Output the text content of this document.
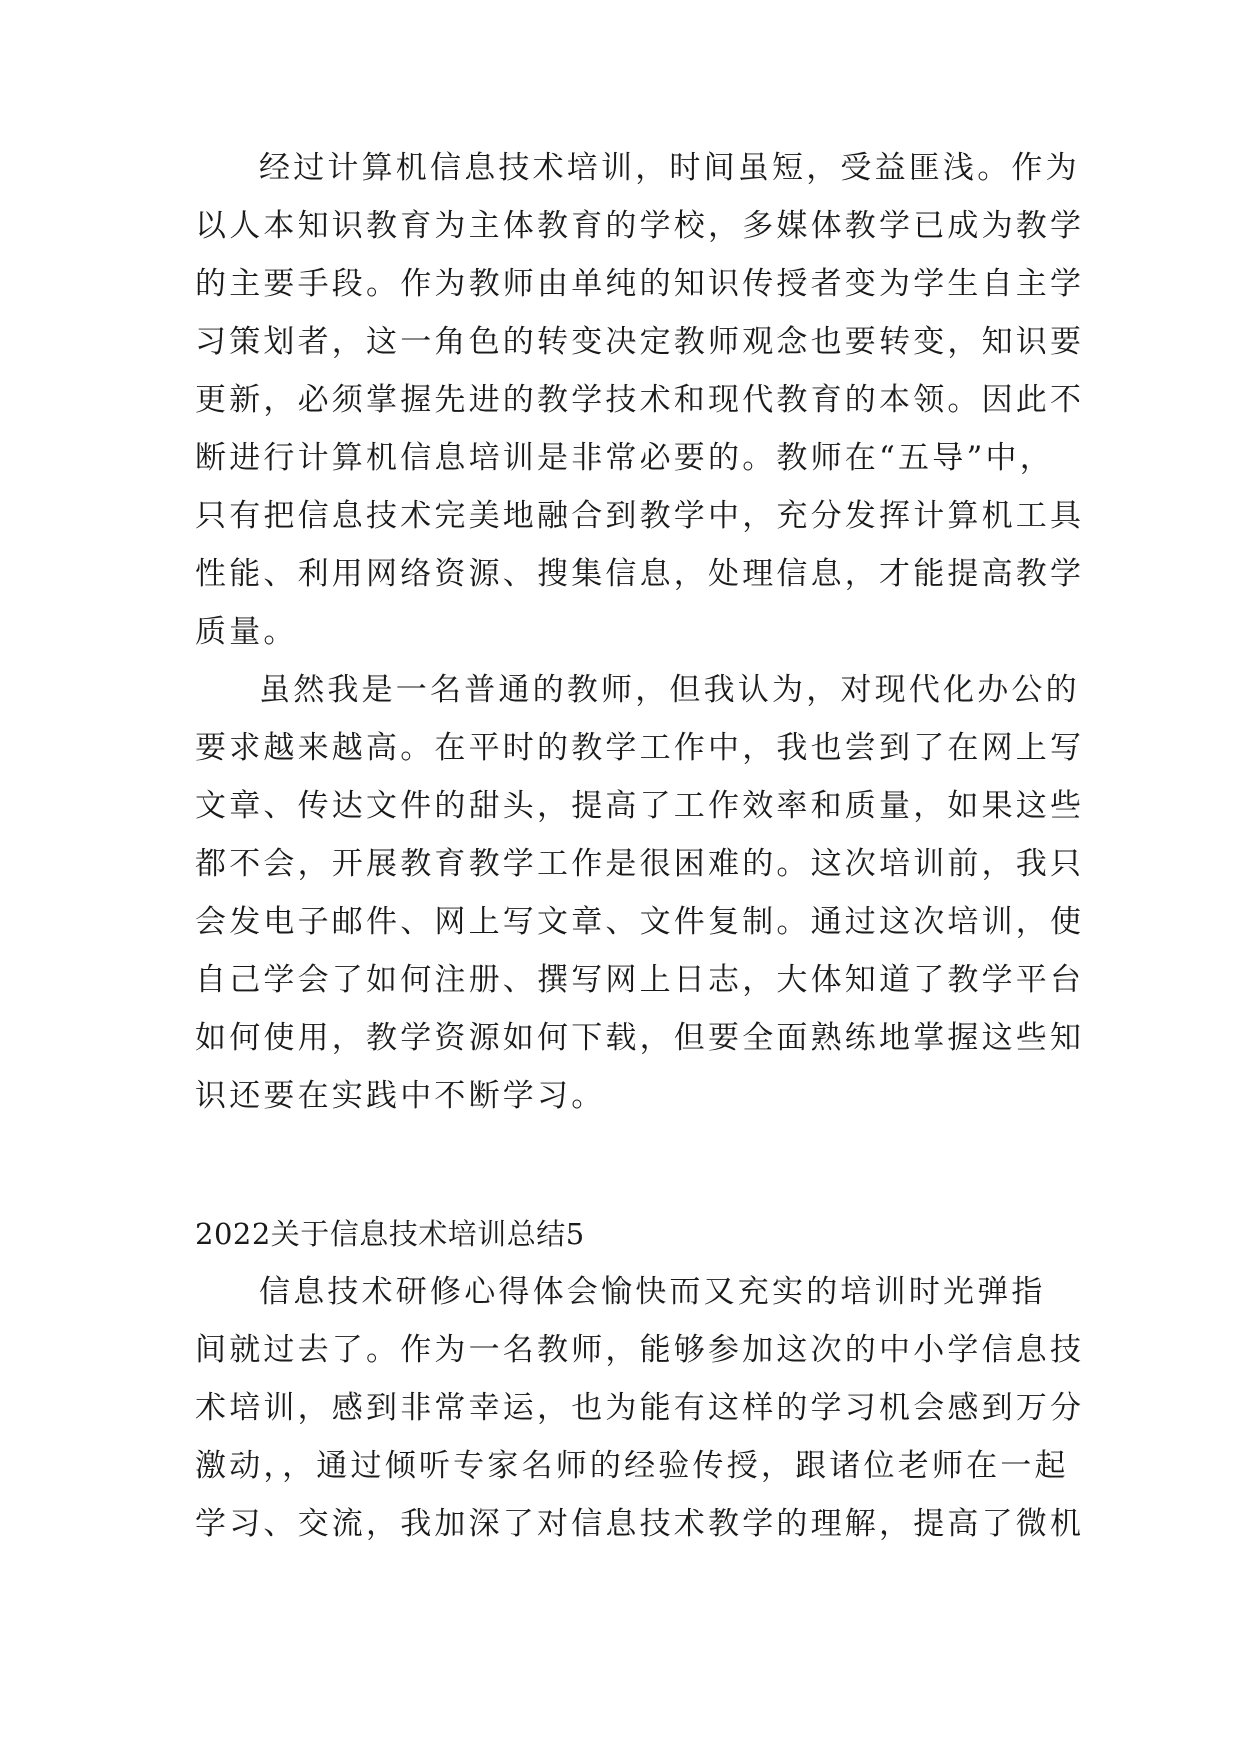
经过计算机信息技术培训，时间虽短，受益匪浅。作为
以人本知识教育为主体教育的学校，多媒体教学已成为教学
的主要手段。作为教师由单纯的知识传授者变为学生自主学
习策划者，这一角色的转变决定教师观念也要转变，知识要
更新，必须掌握先进的教学技术和现代教育的本领。因此不
断进行计算机信息培训是非常必要的。教师在“五导”中，
只有把信息技术完美地融合到教学中，充分发挥计算机工具
性能、利用网络资源、搜集信息，处理信息，才能提高教学
质量。
虽然我是一名普通的教师，但我认为，对现代化办公的
要求越来越高。在平时的教学工作中，我也尝到了在网上写
文章、传达文件的甜头，提高了工作效率和质量，如果这些
都不会，开展教育教学工作是很困难的。这次培训前，我只
会发电子邮件、网上写文章、文件复制。通过这次培训，使
自己学会了如何注册、撰写网上日志，大体知道了教学平台
如何使用，教学资源如何下载，但要全面熟练地掌握这些知
识还要在实践中不断学习。
2022关于信息技术培训总结5
信息技术研修心得体会愉快而又充实的培训时光弹指
间就过去了。作为一名教师，能够参加这次的中小学信息技
术培训，感到非常幸运，也为能有这样的学习机会感到万分
激动，，通过倾听专家名师的经验传授，跟诸位老师在一起
学习、交流，我加深了对信息技术教学的理解，提高了微机
